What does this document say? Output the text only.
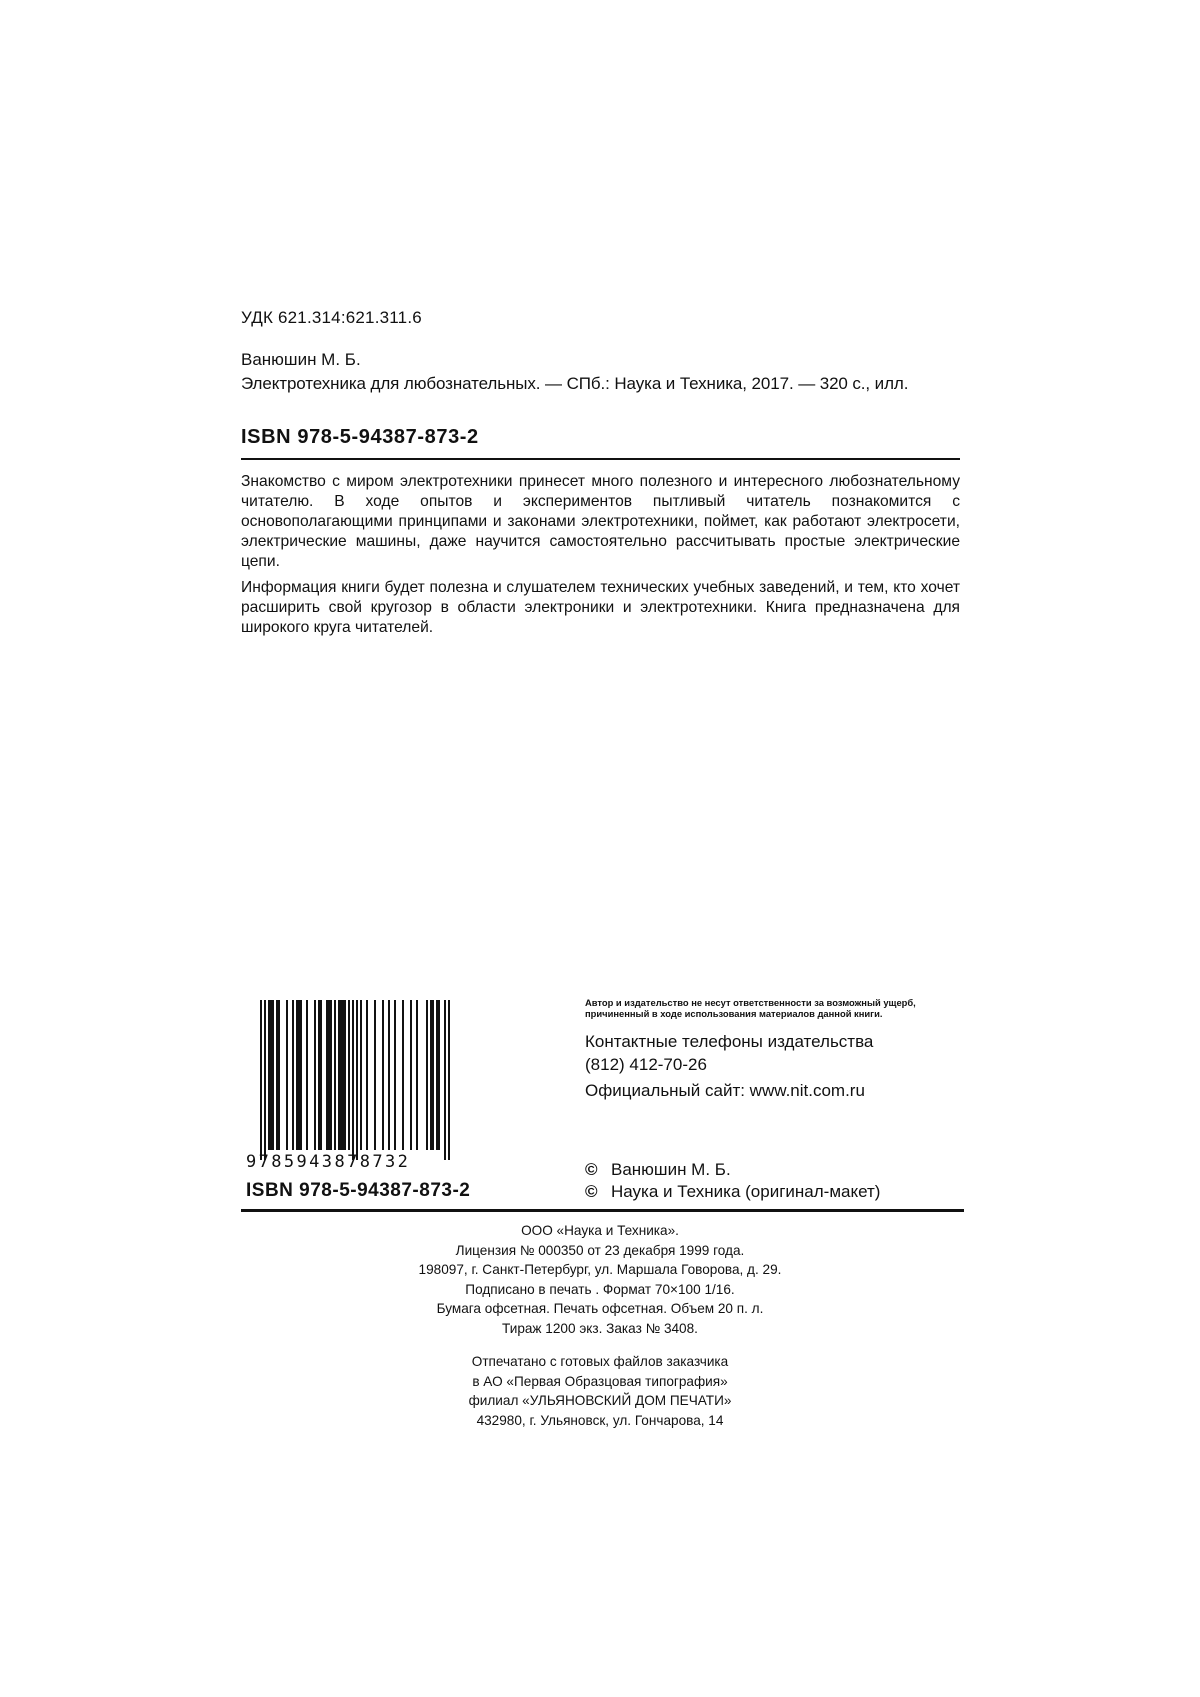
УДК 621.314:621.311.6
Ванюшин М. Б.
Электротехника для любознательных. — СПб.: Наука и Техника, 2017. — 320 с., илл.
ISBN 978-5-94387-873-2

Знакомство с миром электротехники принесет много полезного и интересного любознательному читателю. В ходе опытов и экспериментов пытливый читатель познакомится с основополагающими принципами и законами электротехники, поймет, как работают электросети, электрические машины, даже научится самостоятельно рассчитывать простые электрические цепи.

Информация книги будет полезна и слушателем технических учебных заведений, и тем, кто хочет расширить свой кругозор в области электроники и электротехники. Книга предназначена для широкого круга читателей.

9785943878732
ISBN 978-5-94387-873-2
Автор и издательство не несут ответственности за возможный ущерб, причиненный в ходе использования материалов данной книги.
Контактные телефоны издательства
(812) 412-70-26
Официальный сайт: www.nit.com.ru
© Ванюшин М. Б.
© Наука и Техника (оригинал-макет)
ООО «Наука и Техника».
Лицензия № 000350 от 23 декабря 1999 года.
198097, г. Санкт-Петербург, ул. Маршала Говорова, д. 29.
Подписано в печать . Формат 70×100 1/16.
Бумага офсетная. Печать офсетная. Объем 20 п. л.
Тираж 1200 экз. Заказ № 3408.
Отпечатано с готовых файлов заказчика
в АО «Первая Образцовая типография»
филиал «УЛЬЯНОВСКИЙ ДОМ ПЕЧАТИ»
432980, г. Ульяновск, ул. Гончарова, 14
